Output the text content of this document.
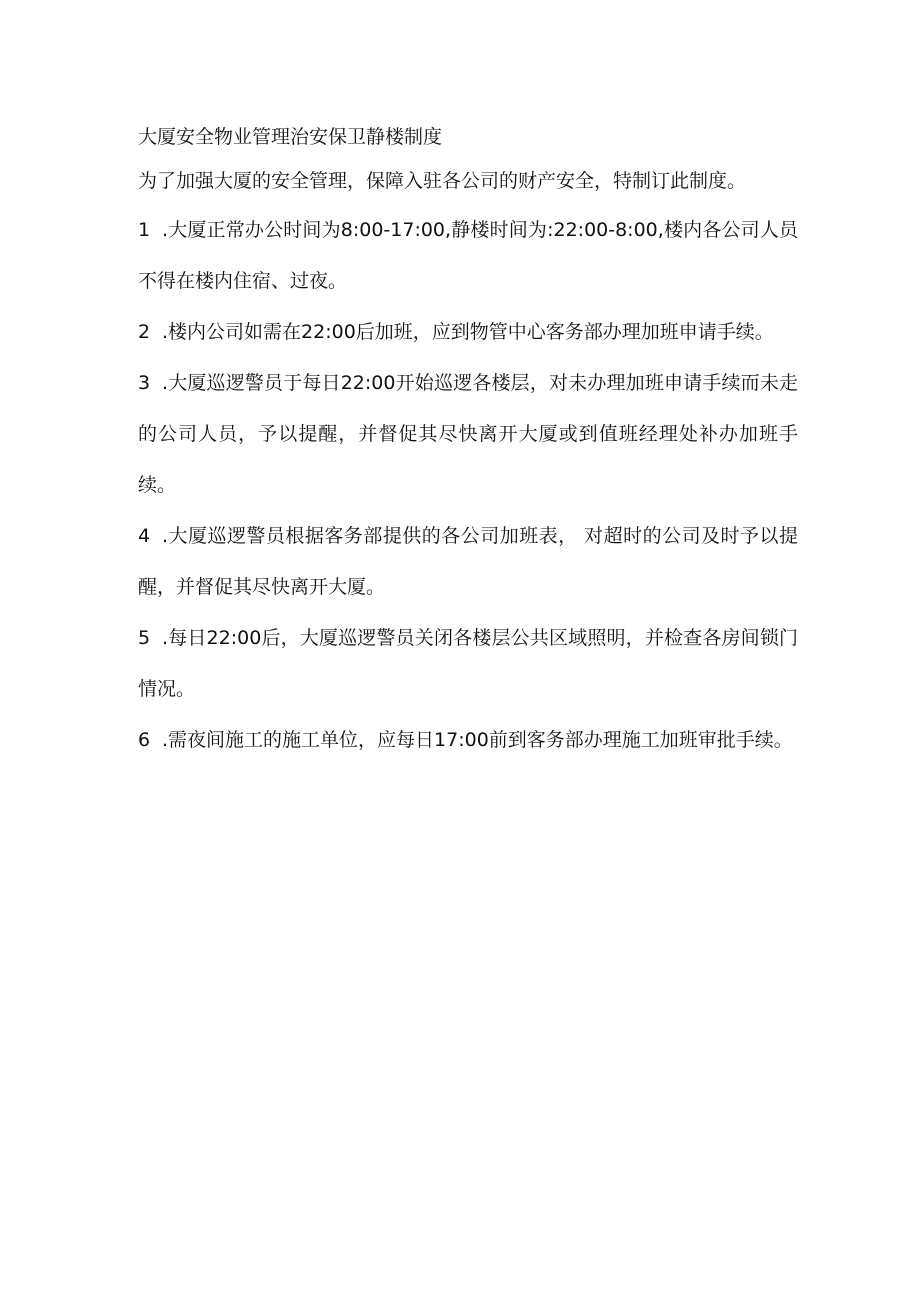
大厦安全物业管理治安保卫静楼制度

为了加强大厦的安全管理，保障入驻各公司的财产安全，特制订此制度。

1 .大厦正常办公时间为8:00-17:00,静楼时间为:22:00-8:00,楼内各公司人员不得在楼内住宿、过夜。
2 .楼内公司如需在22:00后加班，应到物管中心客务部办理加班申请手续。
3 .大厦巡逻警员于每日22:00开始巡逻各楼层，对未办理加班申请手续而未走的公司人员，予以提醒，并督促其尽快离开大厦或到值班经理处补办加班手续。
4 .大厦巡逻警员根据客务部提供的各公司加班表， 对超时的公司及时予以提醒，并督促其尽快离开大厦。
5 .每日22:00后，大厦巡逻警员关闭各楼层公共区域照明，并检查各房间锁门情况。
6 .需夜间施工的施工单位，应每日17:00前到客务部办理施工加班审批手续。
